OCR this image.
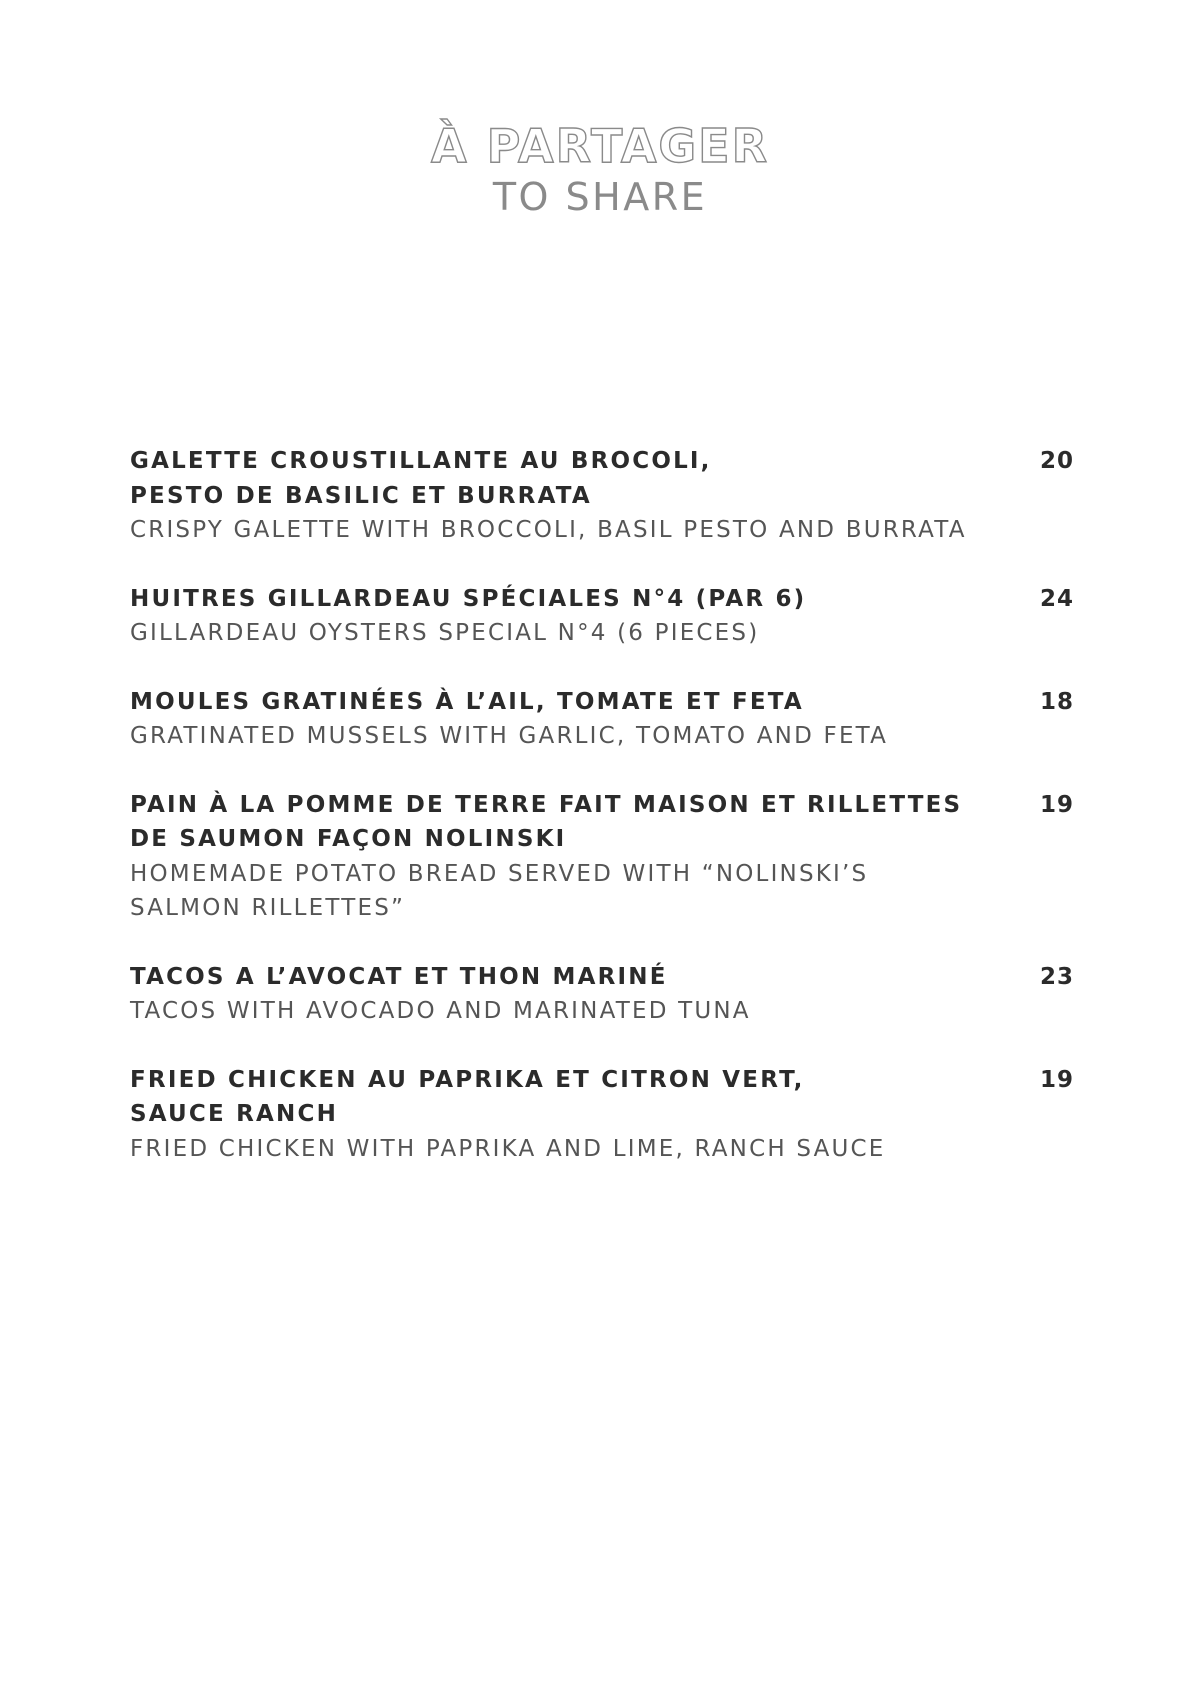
À PARTAGER
TO SHARE
GALETTE CROUSTILLANTE AU BROCOLI,
PESTO DE BASILIC ET BURRATA
CRISPY GALETTE WITH BROCCOLI, BASIL PESTO AND BURRATA
20
HUITRES GILLARDEAU SPÉCIALES N°4 (PAR 6)
GILLARDEAU OYSTERS SPECIAL N°4 (6 PIECES)
24
MOULES GRATINÉES À L’AIL, TOMATE ET FETA
GRATINATED MUSSELS WITH GARLIC, TOMATO AND FETA
18
PAIN À LA POMME DE TERRE FAIT MAISON ET RILLETTES
DE SAUMON FAÇON NOLINSKI
HOMEMADE POTATO BREAD SERVED WITH “NOLINSKI’S
SALMON RILLETTES”
19
TACOS A L’AVOCAT ET THON MARINÉ
TACOS WITH AVOCADO AND MARINATED TUNA
23
FRIED CHICKEN AU PAPRIKA ET CITRON VERT,
SAUCE RANCH
FRIED CHICKEN WITH PAPRIKA AND LIME, RANCH SAUCE
19
